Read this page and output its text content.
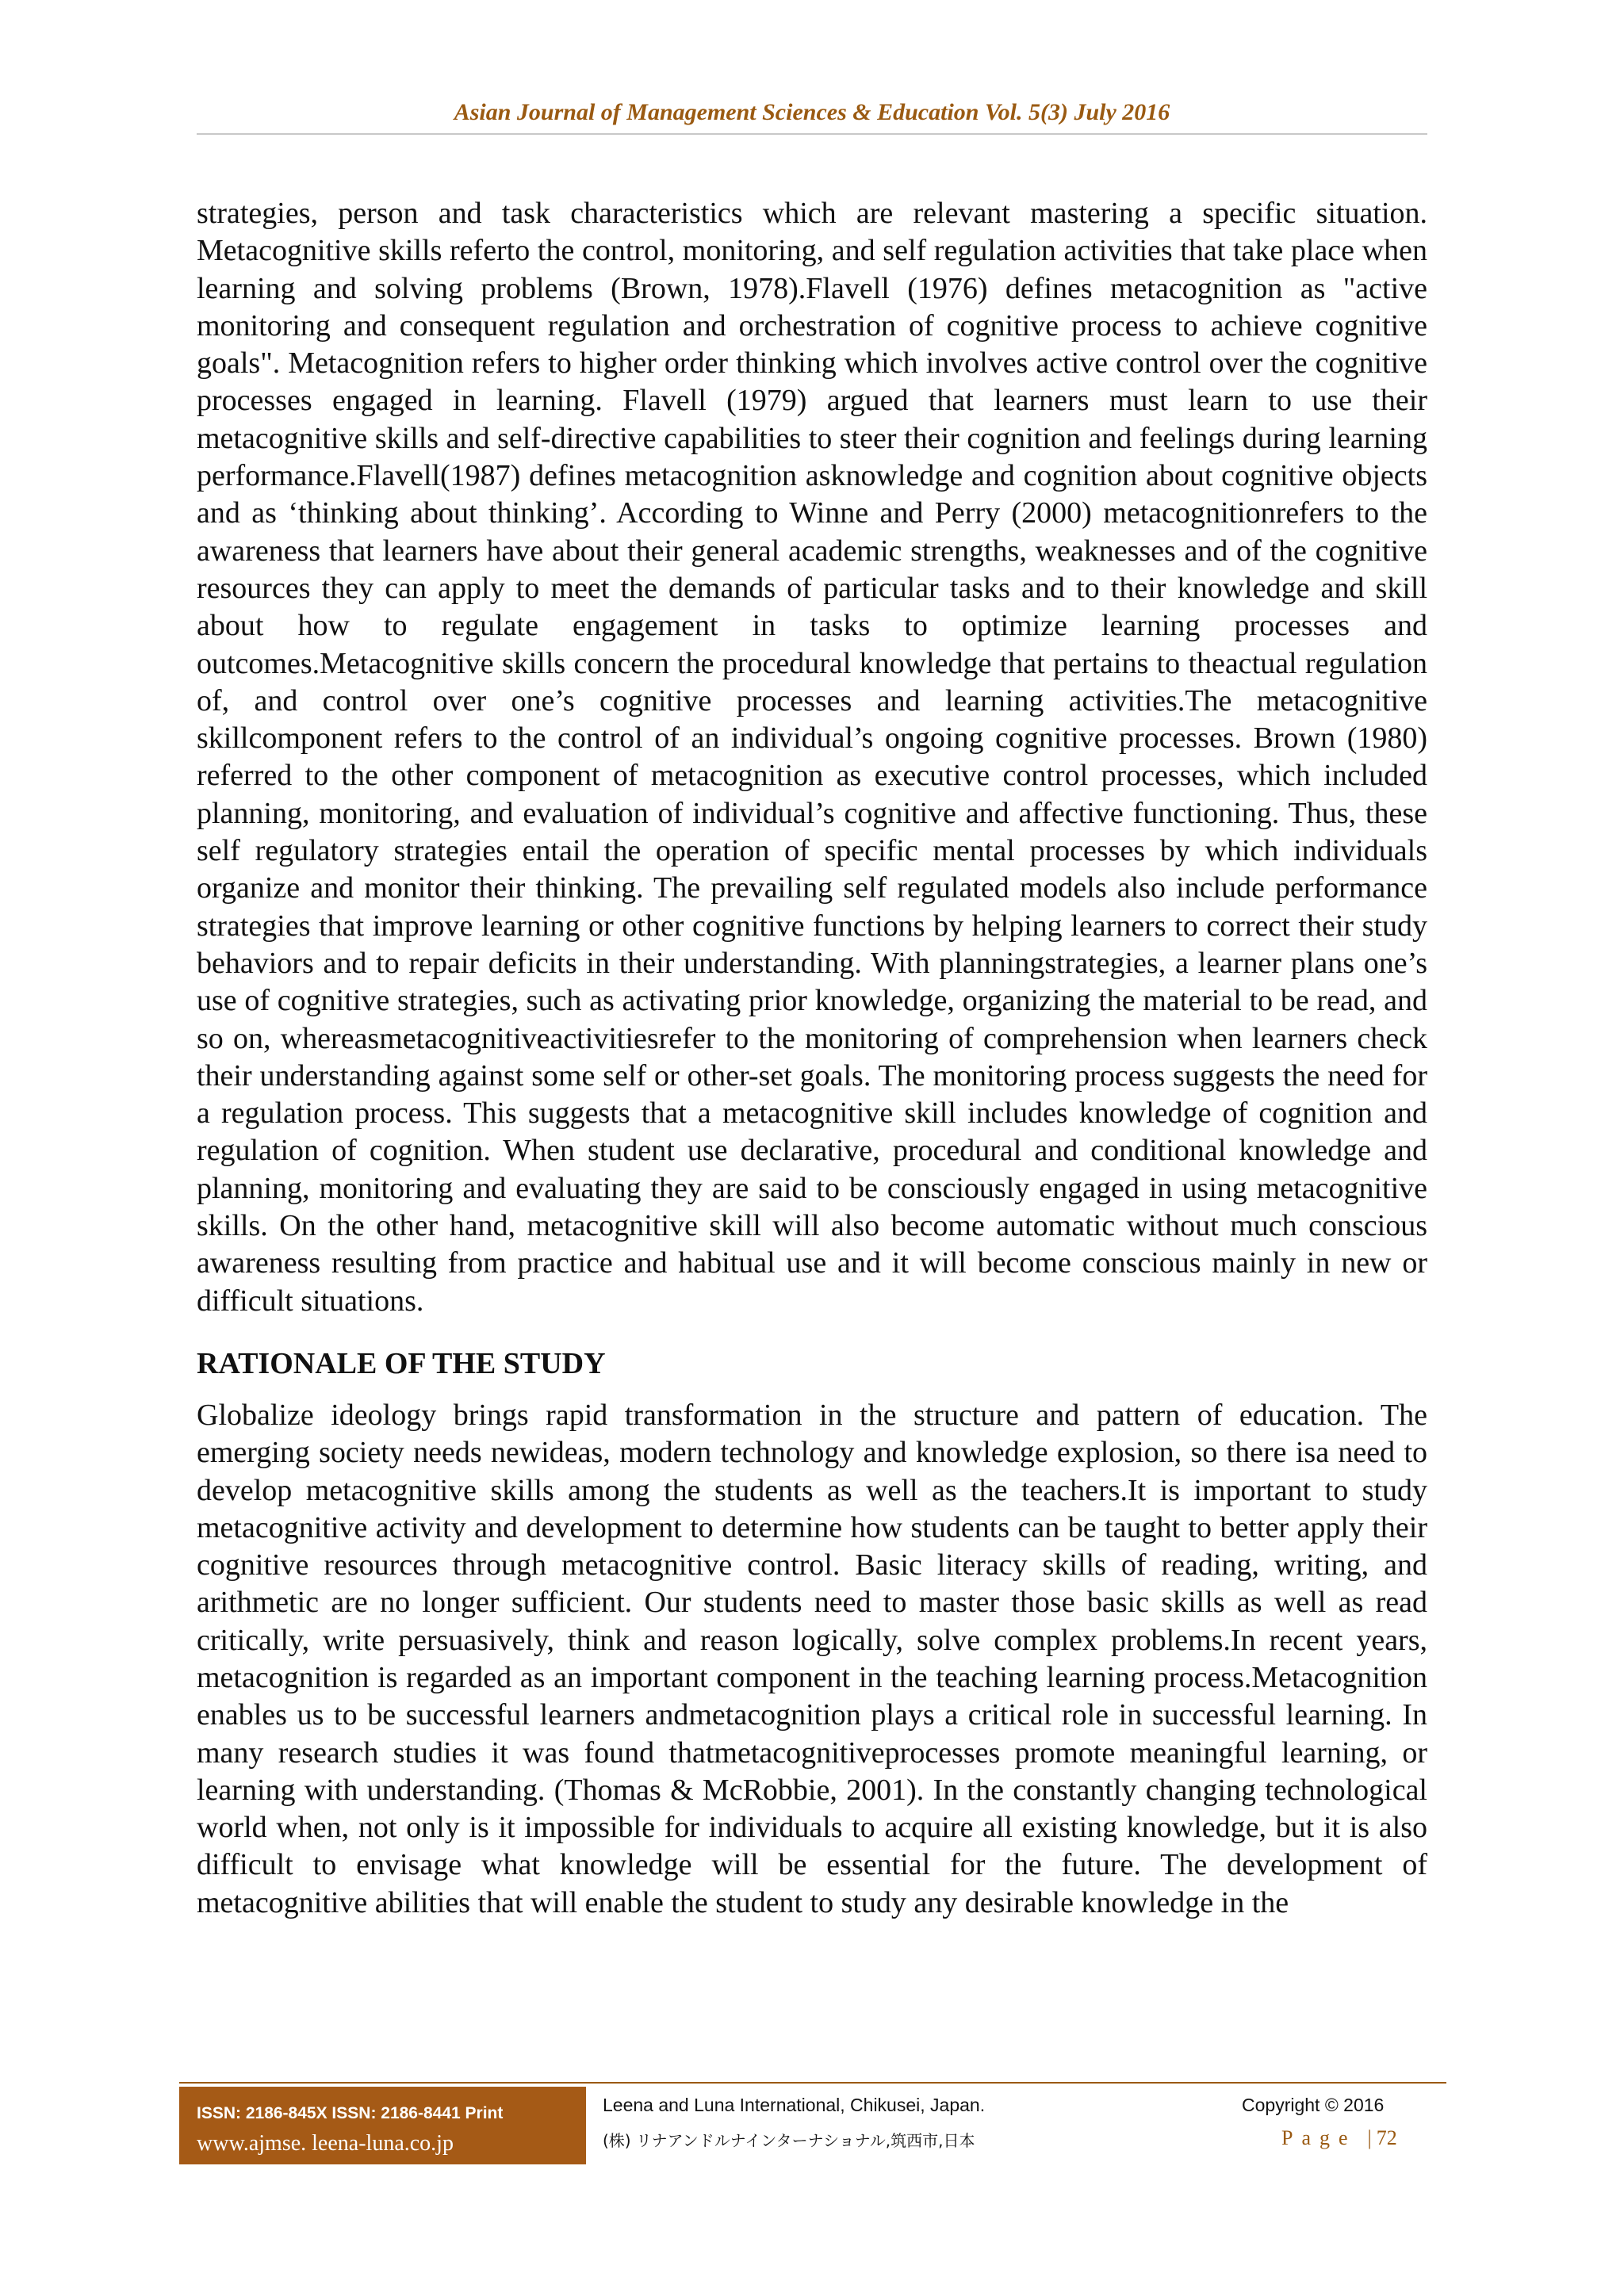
Asian Journal of Management Sciences & Education Vol. 5(3) July 2016

strategies, person and task characteristics which are relevant mastering a specific situation. Metacognitive skills referto the control, monitoring, and self regulation activities that take place when learning and solving problems (Brown, 1978).Flavell (1976) defines metacognition as "active monitoring and consequent regulation and orchestration of cognitive process to achieve cognitive goals". Metacognition refers to higher order thinking which involves active control over the cognitive processes engaged in learning. Flavell (1979) argued that learners must learn to use their metacognitive skills and self-directive capabilities to steer their cognition and feelings during learning performance.Flavell(1987) defines metacognition asknowledge and cognition about cognitive objects and as ‘thinking about thinking’. According to Winne and Perry (2000) metacognitionrefers to the awareness that learners have about their general academic strengths, weaknesses and of the cognitive resources they can apply to meet the demands of particular tasks and to their knowledge and skill about how to regulate engagement in tasks to optimize learning processes and outcomes.Metacognitive skills concern the procedural knowledge that pertains to theactual regulation of, and control over one’s cognitive processes and learning activities.The metacognitive skillcomponent refers to the control of an individual’s ongoing cognitive processes. Brown (1980) referred to the other component of metacognition as executive control processes, which included planning, monitoring, and evaluation of individual’s cognitive and affective functioning. Thus, these self regulatory strategies entail the operation of specific mental processes by which individuals organize and monitor their thinking. The prevailing self regulated models also include performance strategies that improve learning or other cognitive functions by helping learners to correct their study behaviors and to repair deficits in their understanding. With planningstrategies, a learner plans one’s use of cognitive strategies, such as activating prior knowledge, organizing the material to be read, and so on, whereasmetacognitiveactivitiesrefer to the monitoring of comprehension when learners check their understanding against some self or other-set goals. The monitoring process suggests the need for a regulation process. This suggests that a metacognitive skill includes knowledge of cognition and regulation of cognition. When student use declarative, procedural and conditional knowledge and planning, monitoring and evaluating they are said to be consciously engaged in using metacognitive skills. On the other hand, metacognitive skill will also become automatic without much conscious awareness resulting from practice and habitual use and it will become conscious mainly in new or difficult situations.

RATIONALE OF THE STUDY

Globalize ideology brings rapid transformation in the structure and pattern of education. The emerging society needs newideas, modern technology and knowledge explosion, so there isa need to develop metacognitive skills among the students as well as the teachers.It is important to study metacognitive activity and development to determine how students can be taught to better apply their cognitive resources through metacognitive control. Basic literacy skills of reading, writing, and arithmetic are no longer sufficient. Our students need to master those basic skills as well as read critically, write persuasively, think and reason logically, solve complex problems.In recent years, metacognition is regarded as an important component in the teaching learning process.Metacognition enables us to be successful learners andmetacognition plays a critical role in successful learning. In many research studies it was found thatmetacognitiveprocesses promote meaningful learning, or learning with understanding. (Thomas & McRobbie, 2001). In the constantly changing technological world when, not only is it impossible for individuals to acquire all existing knowledge, but it is also difficult to envisage what knowledge will be essential for the future. The development of metacognitive abilities that will enable the student to study any desirable knowledge in the

ISSN: 2186-845X ISSN: 2186-8441 Print
www.ajmse. leena-luna.co.jp
Leena and Luna International, Chikusei, Japan.
(株) リナアンドルナインターナショナル,筑西市,日本
Copyright © 2016
Page | 72
